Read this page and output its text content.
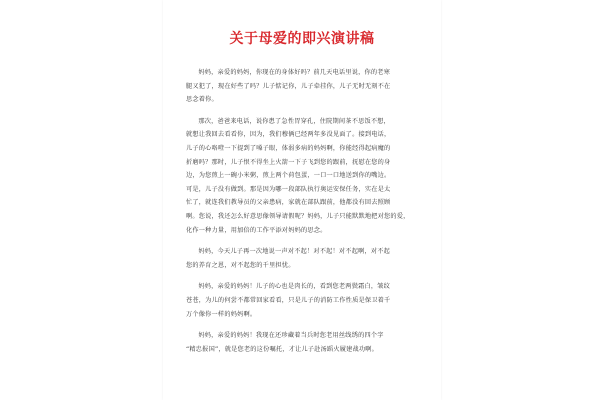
关于母爱的即兴演讲稿

妈妈，亲爱的妈妈，你现在的身体好吗？前几天电话里说，你的老寒
腿又犯了，现在好些了吗？儿子惦记你，儿子牵挂你，儿子无时无刻不在
思念着你。

那次，爸爸来电话，说你患了急性胃穿孔，住院期间茶不思饭不想，
就想让我回去看看你，因为，我们穆俩已经两年多没见面了。接到电话，
儿子的心咯噔一下提到了嗓子眼，体弱多病的妈妈啊，你能经得起病魔的
折磨吗？那时，儿子恨不得坐上火箭一下子飞到您的跟前，抚慰在您的身
边，为您煎上一碗小米粥，煎上两个荷包蛋，一口一口地送到你的嘴边。
可是，儿子没有做到。那是因为哪一段部队执行奥运安保任务，实在是太
忙了，就连我们教导员的父亲患病，家就在部队跟前，他都没有回去照顾
啊。您说，我还怎么好意思像领导请假呢？妈妈，儿子只能默默地把对您的爱，
化作一种力量，用加倍的工作平添对妈妈的思念。

妈妈，今天儿子再一次地说一声对不起！对不起！对不起啊，对不起
您的养育之恩，对不起您的千里担忧。

妈妈，亲爱的妈妈！儿子的心也是肉长的，看到您老两鬓霜白，皱纹
苍苍，为儿的何尝不都常回家看看，只是儿子的消防工作性质是保卫着千
万个像你一样的妈妈啊。

妈妈，亲爱的妈妈！我现在还珍藏着当兵时您老用丝线绣的四个字
“精忠报国”，就是您老的这份嘱托，才让儿子赴汤蹈火履建战功啊。
